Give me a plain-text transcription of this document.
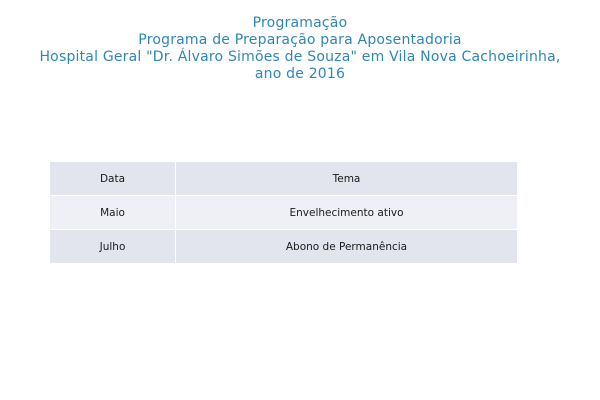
Programação
Programa de Preparação para Aposentadoria
Hospital Geral "Dr. Álvaro Simões de Souza" em Vila Nova Cachoeirinha,
ano de 2016
Data	Tema
Maio	Envelhecimento ativo
Julho	Abono de Permanência
